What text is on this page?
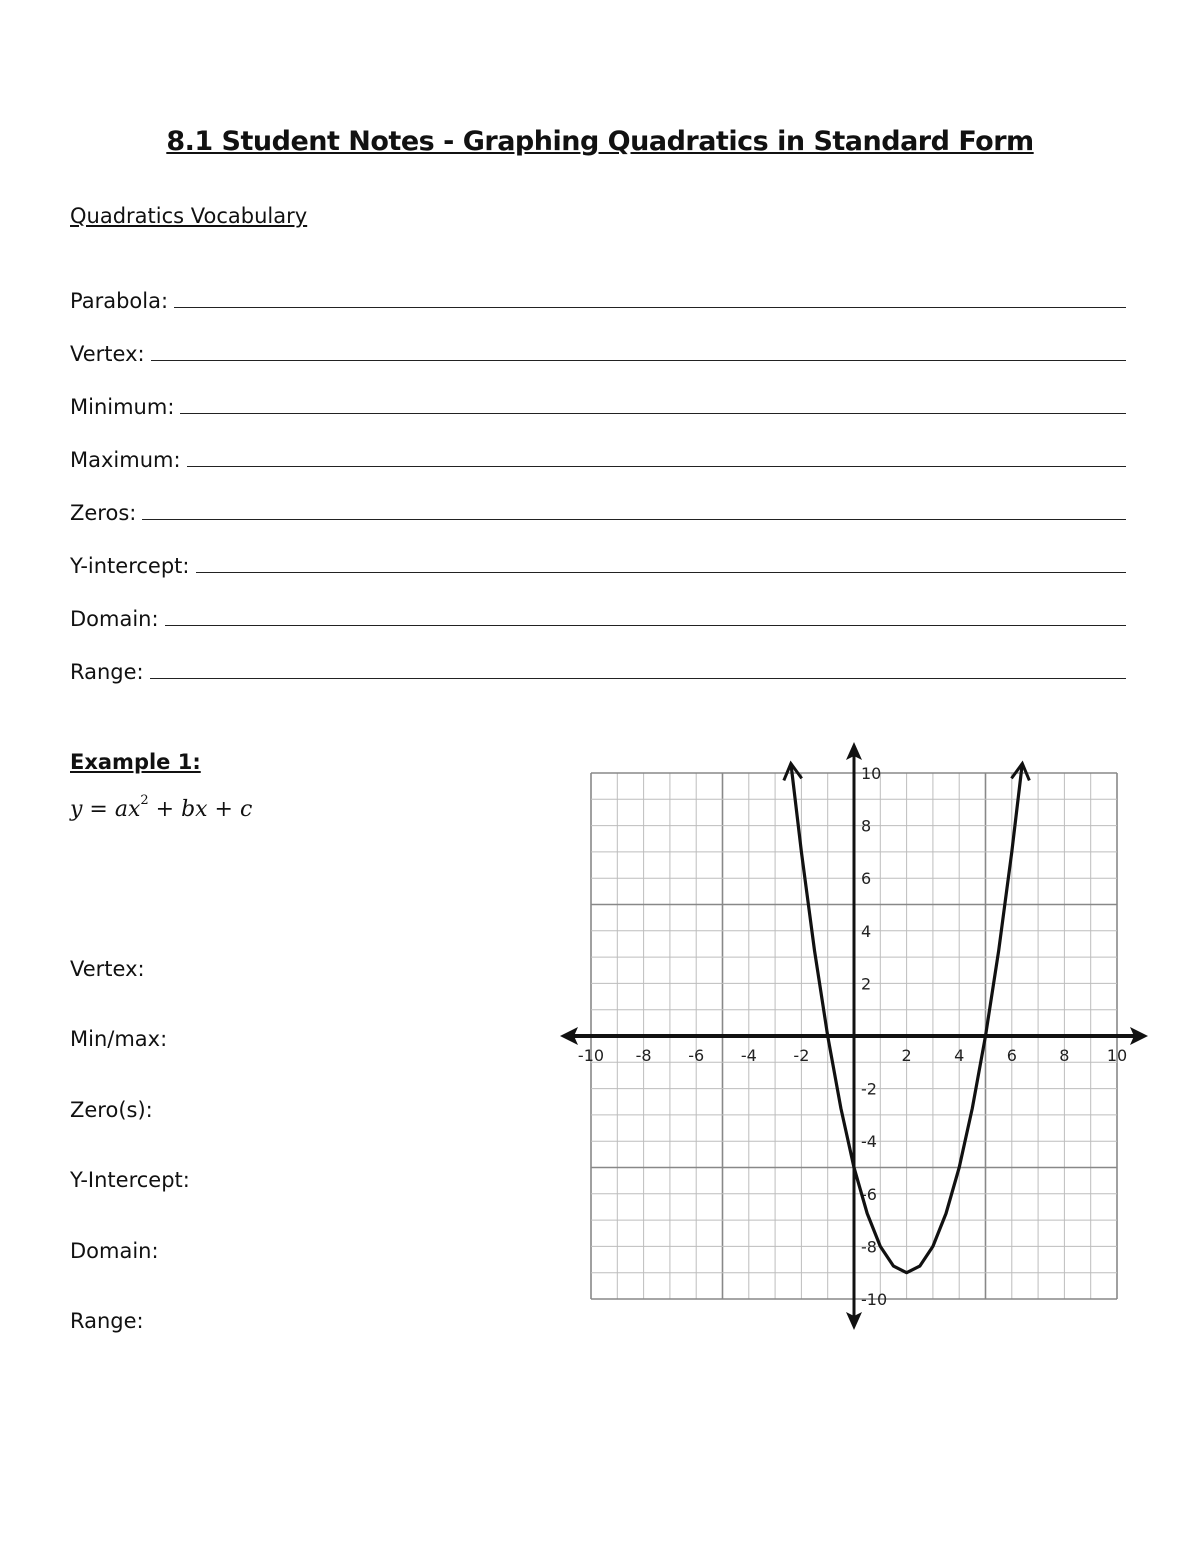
8.1 Student Notes - Graphing Quadratics in Standard Form
Quadratics Vocabulary
Parabola:
Vertex:
Minimum:
Maximum:
Zeros:
Y-intercept:
Domain:
Range:
Example 1:
$y = ax^2$ + bx + c
Vertex:
Min/max:
Zero(s):
Y-Intercept:
Domain:
Range:
-10 -8 -6 -4 -2	2	4	6	8 10
10
8
6
4
2
-2
-4
-6
-8
-10
